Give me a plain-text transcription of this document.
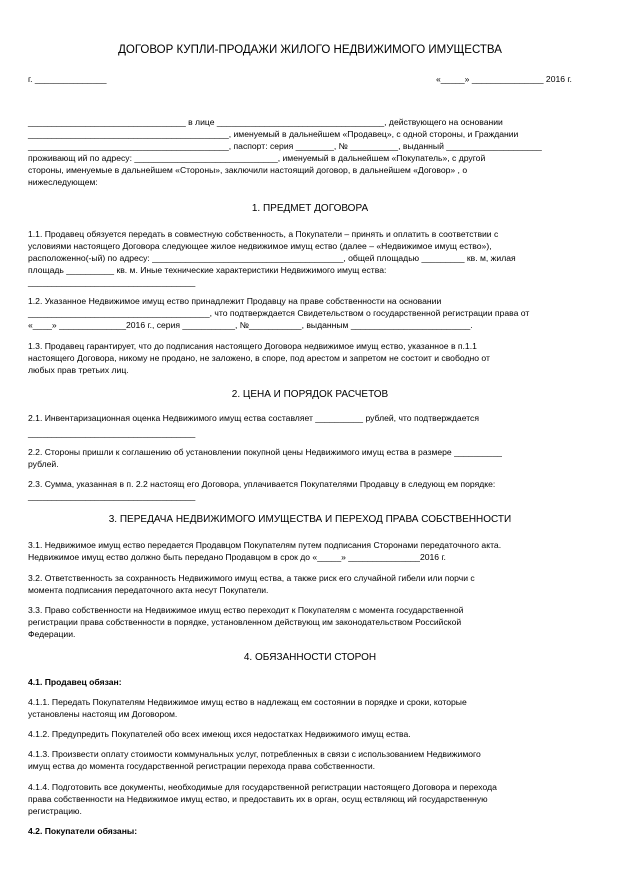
ДОГОВОР КУПЛИ-ПРОДАЖИ ЖИЛОГО НЕДВИЖИМОГО ИМУЩЕСТВА
г. _______________	«_____» _______________ 2016 г.
_________________________________ в лице ___________________________________, действующего на основании
__________________________________________, именуемый в дальнейшем «Продавец», с одной стороны, и Граждании
__________________________________________, паспорт: серия ________, № __________, выданный ____________________
проживающ ий по адресу: ______________________________, именуемый в дальнейшем «Покупатель», с другой
стороны, именуемые в дальнейшем «Стороны», заключили настоящий договор, в дальнейшем «Договор» , о
нижеследующем:
1. ПРЕДМЕТ ДОГОВОРА
1.1. Продавец обязуется передать в совместную собственность, а Покупатели – принять и оплатить в соответствии с
условиями настоящего Договора следующее жилое недвижимое имущ ество (далее – «Недвижимое имущ ество»),
расположенно(-ый) по адресу: ________________________________________, общей площадью _________ кв. м, жилая
площадь __________ кв. м. Иные технические характеристики Недвижимого имущ ества:
___________________________________
1.2. Указанное Недвижимое имущ ество принадлежит Продавцу на праве собственности на основании
______________________________________, что подтверждается Свидетельством о государственной регистрации права от
«____» ______________2016 г., серия ___________, №___________, выданным _________________________.
1.3. Продавец гарантирует, что до подписания настоящего Договора недвижимое имущ ество, указанное в п.1.1
настоящего Договора, никому не продано, не заложено, в споре, под арестом и запретом не состоит и свободно от
любых прав третьих лиц.
2. ЦЕНА И ПОРЯДОК РАСЧЕТОВ
2.1. Инвентаризационная оценка Недвижимого имущ ества составляет __________ рублей, что подтверждается
___________________________________
2.2. Стороны пришли к соглашению об установлении покупной цены Недвижимого имущ ества в размере __________
рублей.
2.3. Сумма, указанная в п. 2.2 настоящ его Договора, уплачивается Покупателями Продавцу в следующ ем порядке:
___________________________________
3. ПЕРЕДАЧА НЕДВИЖИМОГО ИМУЩЕСТВА И ПЕРЕХОД ПРАВА СОБСТВЕННОСТИ
3.1. Недвижимое имущ ество передается Продавцом Покупателям путем подписания Сторонами передаточного акта.
Недвижимое имущ ество должно быть передано Продавцом в срок до «_____» _______________2016 г.
3.2. Ответственность за сохранность Недвижимого имущ ества, а также риск его случайной гибели или порчи с
момента подписания передаточного акта несут Покупатели.
3.3. Право собственности на Недвижимое имущ ество переходит к Покупателям с момента государственной
регистрации права собственности в порядке, установленном действующ им законодательством Российской
Федерации.
4. ОБЯЗАННОСТИ СТОРОН
4.1. Продавец обязан:
4.1.1. Передать Покупателям Недвижимое имущ ество в надлежащ ем состоянии в порядке и сроки, которые
установлены настоящ им Договором.
4.1.2. Предупредить Покупателей обо всех имеющ ихся недостатках Недвижимого имущ ества.
4.1.3. Произвести оплату стоимости коммунальных услуг, потребленных в связи с использованием Недвижимого
имущ ества до момента государственной регистрации перехода права собственности.
4.1.4. Подготовить все документы, необходимые для государственной регистрации настоящего Договора и перехода
права собственности на Недвижимое имущ ество, и предоставить их в орган, осущ ествляющ ий государственную
регистрацию.
4.2. Покупатели обязаны:
